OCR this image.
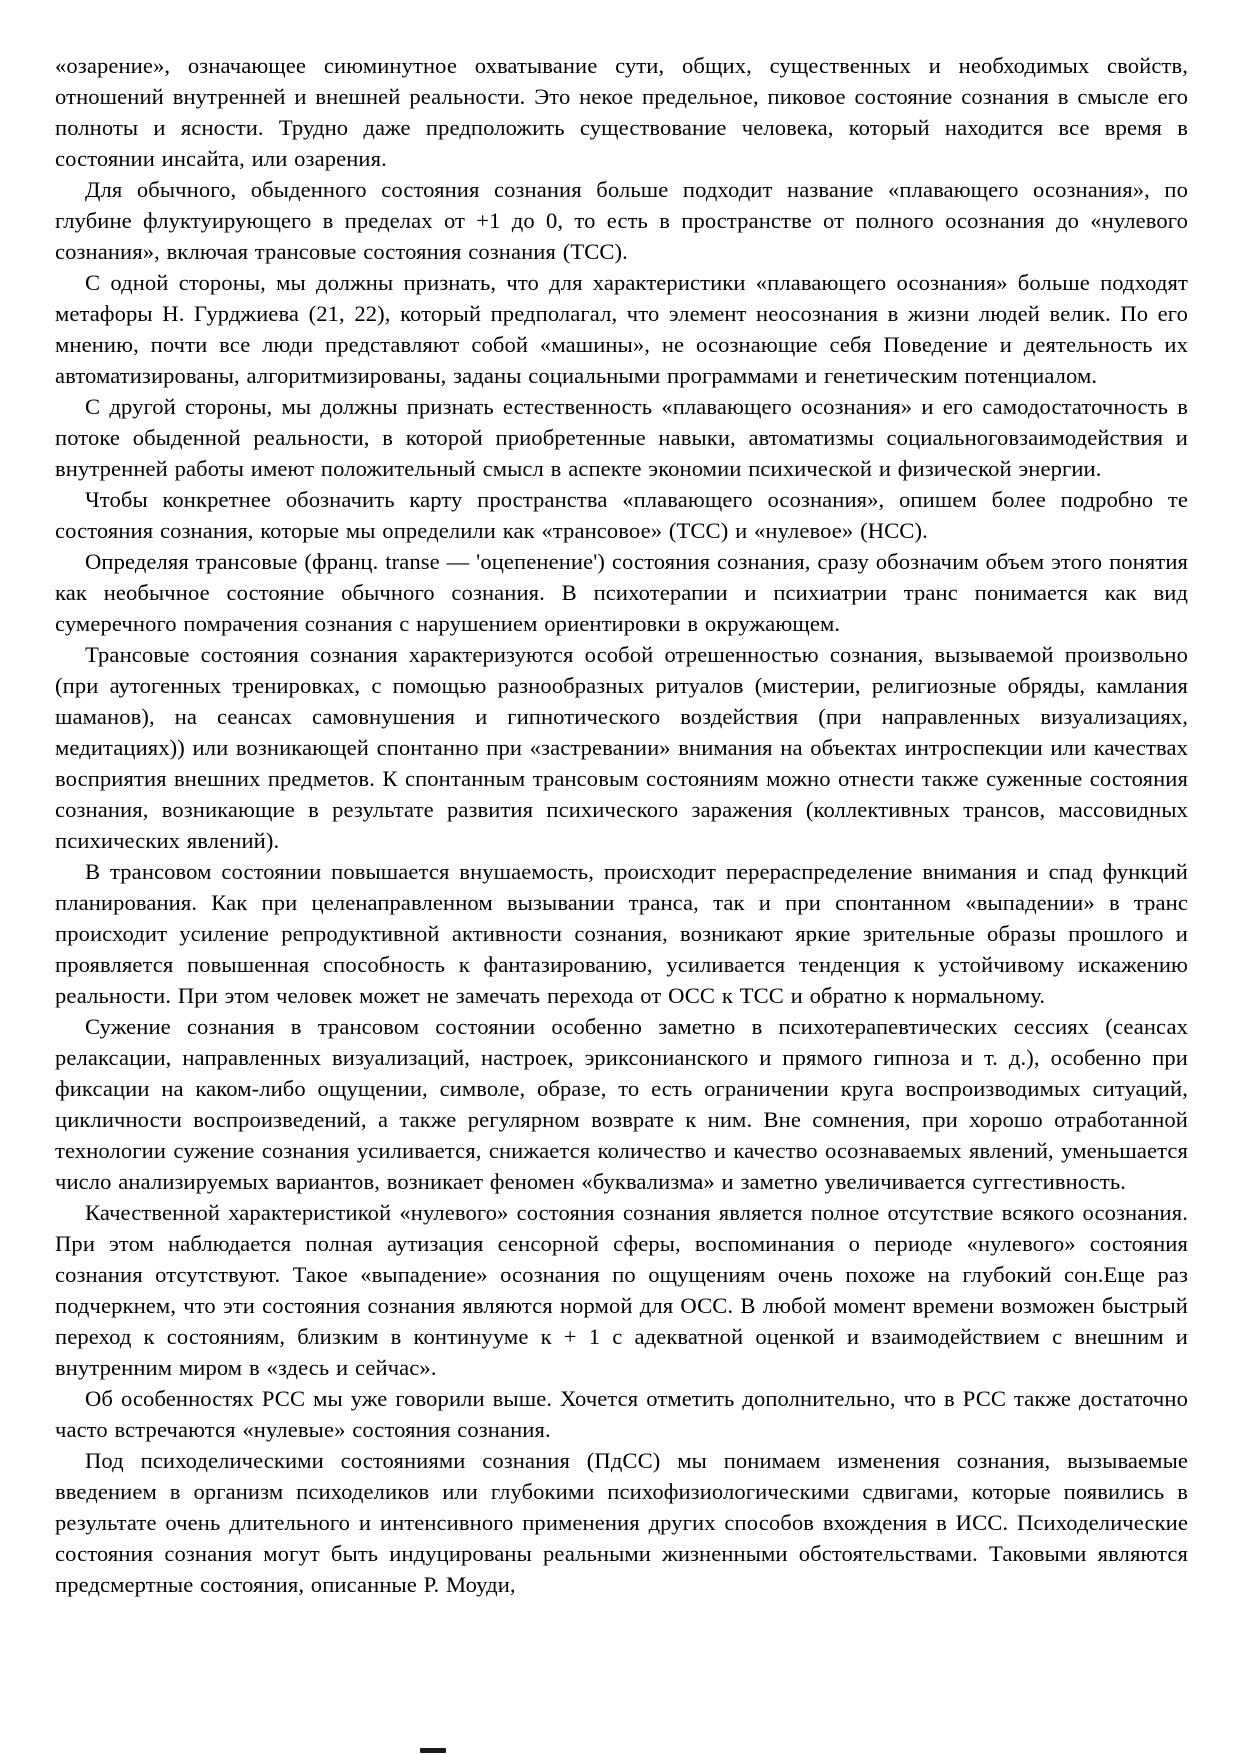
«озарение», означающее сиюминутное охватывание сути, общих, существенных и необходимых свойств, отношений внутренней и внешней реальности. Это некое предельное, пиковое состояние сознания в смысле его полноты и ясности. Трудно даже предположить существование человека, который находится все время в состоянии инсайта, или озарения.

Для обычного, обыденного состояния сознания больше подходит название «плавающего осознания», по глубине флуктуирующего в пределах от +1 до 0, то есть в пространстве от полного осознания до «нулевого сознания», включая трансовые состояния сознания (ТСС).

С одной стороны, мы должны признать, что для характеристики «плавающего осознания» больше подходят метафоры Н. Гурджиева (21, 22), который предполагал, что элемент неосознания в жизни людей велик. По его мнению, почти все люди представляют собой «машины», не осознающие себя Поведение и деятельность их автоматизированы, алгоритмизированы, заданы социальными программами и генетическим потенциалом.

С другой стороны, мы должны признать естественность «плавающего осознания» и его самодостаточность в потоке обыденной реальности, в которой приобретенные навыки, автоматизмы социальноговзаимодействия и внутренней работы имеют положительный смысл в аспекте экономии психической и физической энергии.

Чтобы конкретнее обозначить карту пространства «плавающего осознания», опишем более подробно те состояния сознания, которые мы определили как «трансовое» (ТСС) и «нулевое» (НСС).

Определяя трансовые (франц. transe — 'оцепенение') состояния сознания, сразу обозначим объем этого понятия как необычное состояние обычного сознания. В психотерапии и психиатрии транс понимается как вид сумеречного помрачения сознания с нарушением ориентировки в окружающем.

Трансовые состояния сознания характеризуются особой отрешенностью сознания, вызываемой произвольно (при аутогенных тренировках, с помощью разнообразных ритуалов (мистерии, религиозные обряды, камлания шаманов), на сеансах самовнушения и гипнотического воздействия (при направленных визуализациях, медитациях)) или возникающей спонтанно при «застревании» внимания на объектах интроспекции или качествах восприятия внешних предметов. К спонтанным трансовым состояниям можно отнести также суженные состояния сознания, возникающие в результате развития психического заражения (коллективных трансов, массовидных психических явлений).

В трансовом состоянии повышается внушаемость, происходит перераспределение внимания и спад функций планирования. Как при целенаправленном вызывании транса, так и при спонтанном «выпадении» в транс происходит усиление репродуктивной активности сознания, возникают яркие зрительные образы прошлого и проявляется повышенная способность к фантазированию, усиливается тенденция к устойчивому искажению реальности. При этом человек может не замечать перехода от ОСС к ТСС и обратно к нормальному.

Сужение сознания в трансовом состоянии особенно заметно в психотерапевтических сессиях (сеансах релаксации, направленных визуализаций, настроек, эриксонианского и прямого гипноза и т. д.), особенно при фиксации на каком-либо ощущении, символе, образе, то есть ограничении круга воспроизводимых ситуаций, цикличности воспроизведений, а также регулярном возврате к ним. Вне сомнения, при хорошо отработанной технологии сужение сознания усиливается, снижается количество и качество осознаваемых явлений, уменьшается число анализируемых вариантов, возникает феномен «буквализма» и заметно увеличивается суггестивность.

Качественной характеристикой «нулевого» состояния сознания является полное отсутствие всякого осознания. При этом наблюдается полная аутизация сенсорной сферы, воспоминания о периоде «нулевого» состояния сознания отсутствуют. Такое «выпадение» осознания по ощущениям очень похоже на глубокий сон.Еще раз подчеркнем, что эти состояния сознания являются нормой для ОСС. В любой момент времени возможен быстрый переход к состояниям, близким в континууме к + 1 с адекватной оценкой и взаимодействием с внешним и внутренним миром в «здесь и сейчас».

Об особенностях РСС мы уже говорили выше. Хочется отметить дополнительно, что в РСС также достаточно часто встречаются «нулевые» состояния сознания.

Под психоделическими состояниями сознания (ПдСС) мы понимаем изменения сознания, вызываемые введением в организм психоделиков или глубокими психофизиологическими сдвигами, которые появились в результате очень длительного и интенсивного применения других способов вхождения в ИСС. Психоделические состояния сознания могут быть индуцированы реальными жизненными обстоятельствами. Таковыми являются предсмертные состояния, описанные Р. Моуди,
